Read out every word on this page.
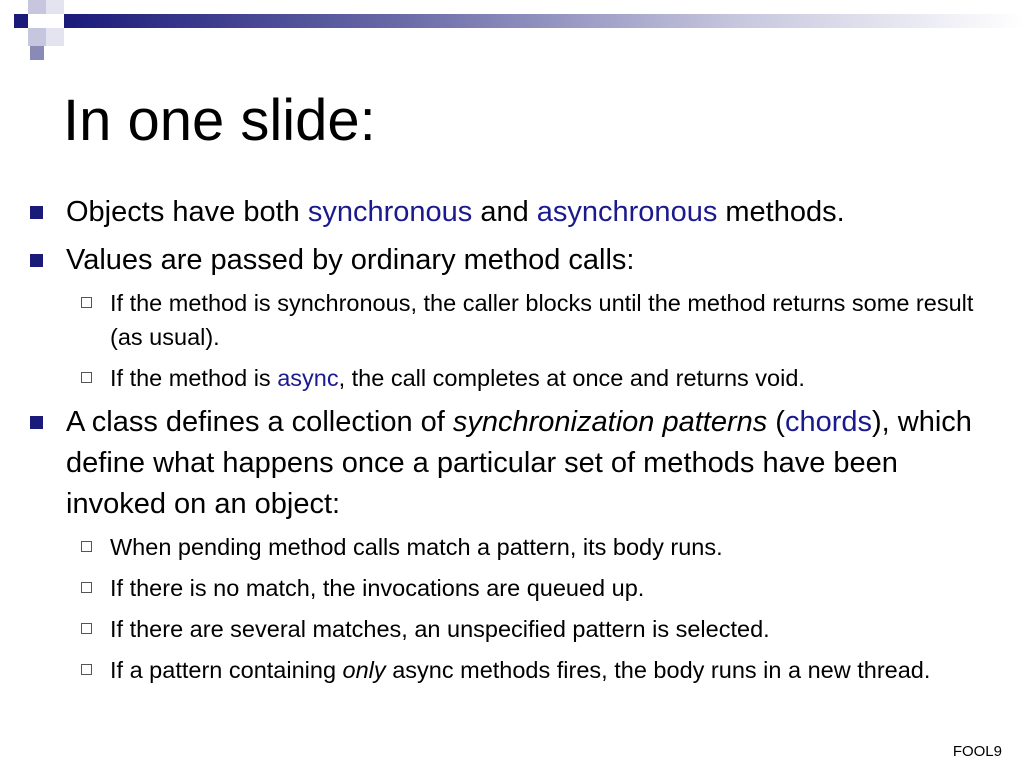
In one slide:
Objects have both synchronous and asynchronous methods.
Values are passed by ordinary method calls:
If the method is synchronous, the caller blocks until the method returns some result (as usual).
If the method is async, the call completes at once and returns void.
A class defines a collection of synchronization patterns (chords), which define what happens once a particular set of methods have been invoked on an object:
When pending method calls match a pattern, its body runs.
If there is no match, the invocations are queued up.
If there are several matches, an unspecified pattern is selected.
If a pattern containing only async methods fires, the body runs in a new thread.
FOOL9
